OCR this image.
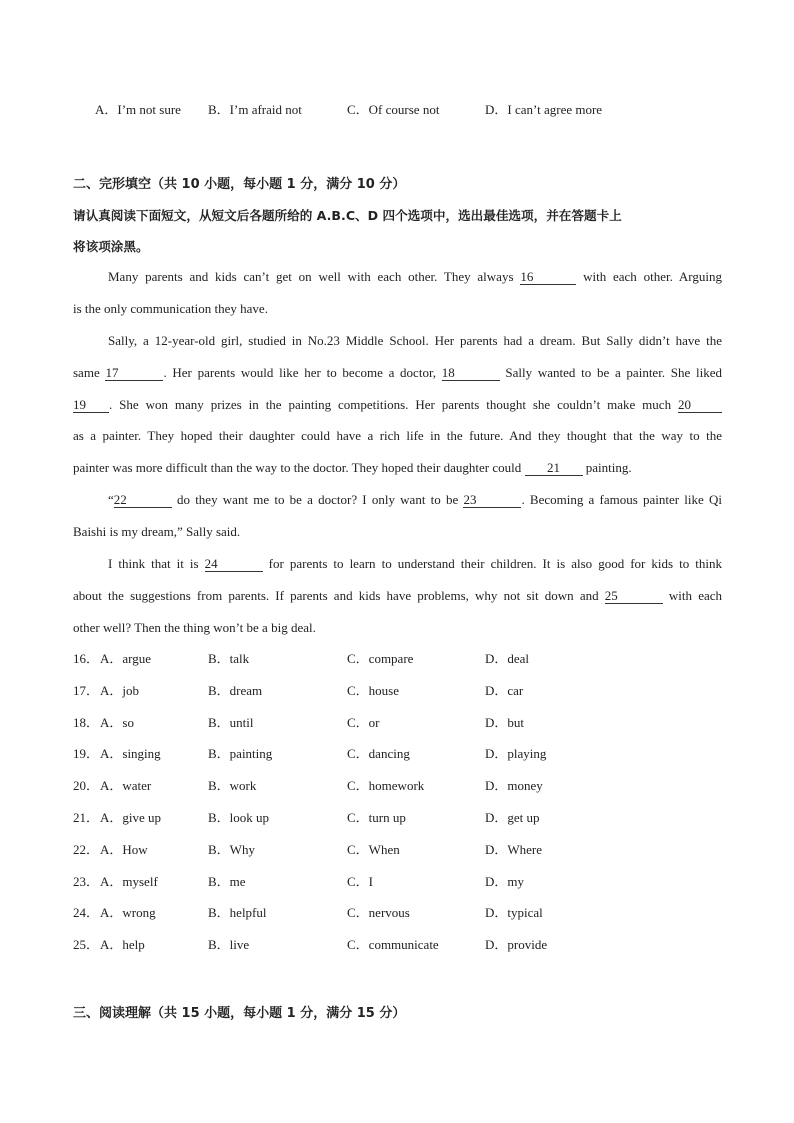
A．I’m not sure B．I’m afraid not	C．Of course not	D．I can’t agree more
二、完形填空（共 10 小题，每小题 1 分，满分 10 分）
请认真阅读下面短文，从短文后各题所给的 A.B.C、D 四个选项中，选出最佳选项，并在答题卡上
将该项涂黑。
Many parents and kids can’t get on well with each other. They always 16	with each other. Arguing
is the only communication they have.
Sally, a 12-year-old girl, studied in No.23 Middle School. Her parents had a dream. But Sally didn’t have the
same 17	. Her parents would like her to become a doctor, 18	Sally wanted to be a painter. She liked
19 . She won many prizes in the painting competitions. Her parents thought she couldn’t make much 20
as a painter. They hoped their daughter could have a rich life in the future. And they thought that the way to the
painter was more difficult than the way to the doctor. They hoped their daughter could 21 painting.
“22	do they want me to be a doctor? I only want to be 23	. Becoming a famous painter like Qi
Baishi is my dream,” Sally said.
I think that it is 24	for parents to learn to understand their children. It is also good for kids to think
about the suggestions from parents. If parents and kids have problems, why not sit down and 25	with each
other well? Then the thing won’t be a big deal.
16． A．argue	B．talk	C．compare	D．deal
17． A．job	B．dream	C．house	D．car
18． A．so	B．until	C．or	D．but
19． A．singing	B．painting	C．dancing	D．playing
20． A．water	B．work	C．homework	D．money
21． A．give up	B．look up	C．turn up	D．get up
22． A．How	B．Why	C．When	D．Where
23． A．myself	B．me	C．I	D．my
24． A．wrong	B．helpful	C．nervous	D．typical
25． A．help	B．live	C．communicate	D．provide
三、阅读理解（共 15 小题，每小题 1 分，满分 15 分）
